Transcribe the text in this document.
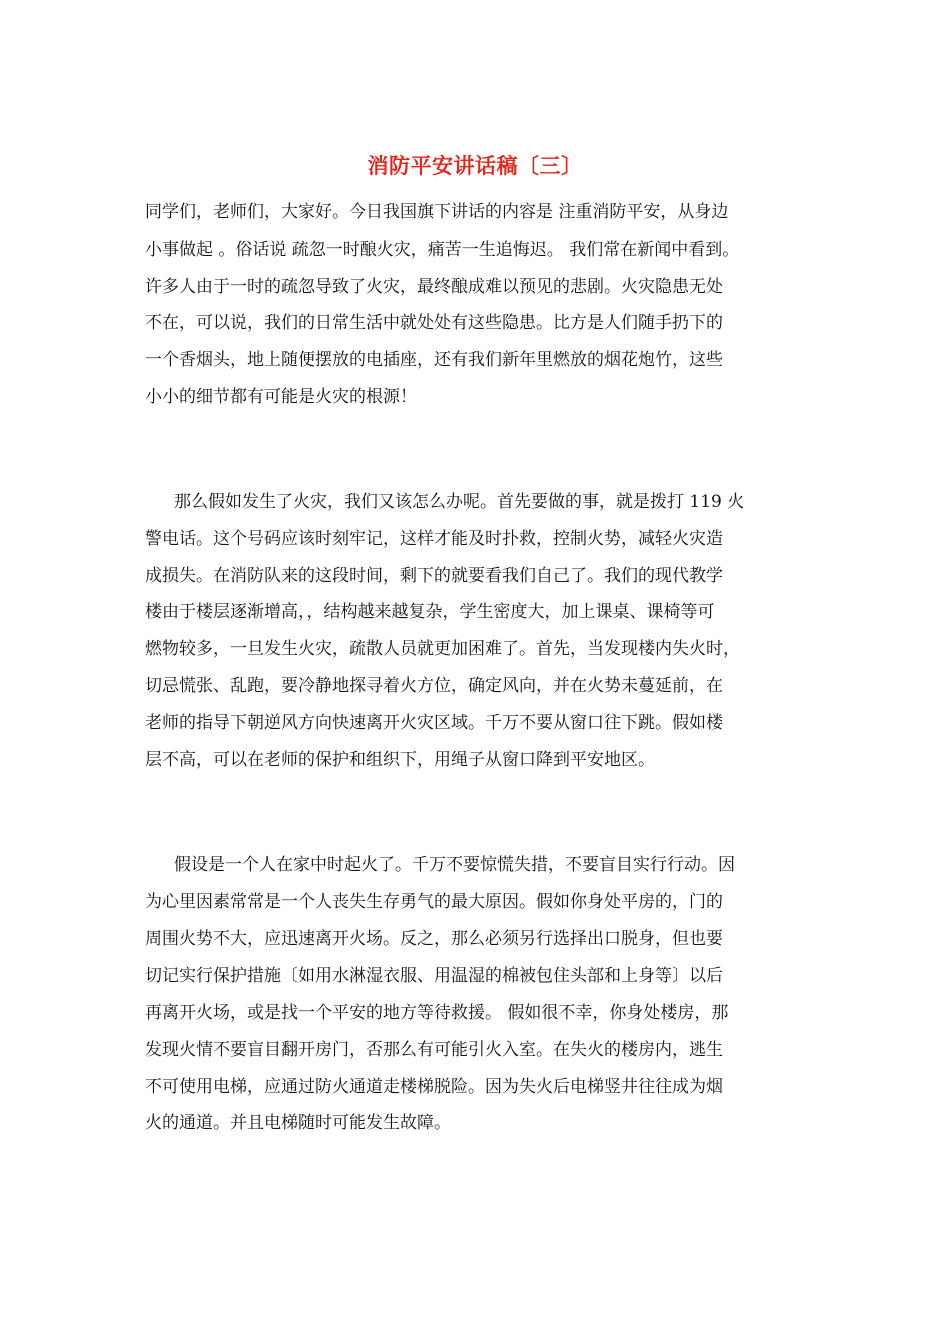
消防平安讲话稿〔三〕
同学们，老师们，大家好。今日我国旗下讲话的内容是 注重消防平安，从身边
小事做起 。俗话说 疏忽一时酿火灾，痛苦一生追悔迟。 我们常在新闻中看到。
许多人由于一时的疏忽导致了火灾，最终酿成难以预见的悲剧。火灾隐患无处
不在，可以说，我们的日常生活中就处处有这些隐患。比方是人们随手扔下的
一个香烟头，地上随便摆放的电插座，还有我们新年里燃放的烟花炮竹，这些
小小的细节都有可能是火灾的根源！
那么假如发生了火灾，我们又该怎么办呢。首先要做的事，就是拨打 119 火
警电话。这个号码应该时刻牢记，这样才能及时扑救，控制火势，减轻火灾造
成损失。在消防队来的这段时间，剩下的就要看我们自己了。我们的现代教学
楼由于楼层逐渐增高，，结构越来越复杂，学生密度大，加上课桌、课椅等可
燃物较多，一旦发生火灾，疏散人员就更加困难了。首先，当发现楼内失火时，
切忌慌张、乱跑，要冷静地探寻着火方位，确定风向，并在火势未蔓延前，在
老师的指导下朝逆风方向快速离开火灾区域。千万不要从窗口往下跳。假如楼
层不高，可以在老师的保护和组织下，用绳子从窗口降到平安地区。
假设是一个人在家中时起火了。千万不要惊慌失措，不要盲目实行行动。因
为心里因素常常是一个人丧失生存勇气的最大原因。假如你身处平房的，门的
周围火势不大，应迅速离开火场。反之，那么必须另行选择出口脱身，但也要
切记实行保护措施〔如用水淋湿衣服、用温湿的棉被包住头部和上身等〕以后
再离开火场，或是找一个平安的地方等待救援。 假如很不幸，你身处楼房，那
发现火情不要盲目翻开房门，否那么有可能引火入室。在失火的楼房内，逃生
不可使用电梯，应通过防火通道走楼梯脱险。因为失火后电梯竖井往往成为烟
火的通道。并且电梯随时可能发生故障。
